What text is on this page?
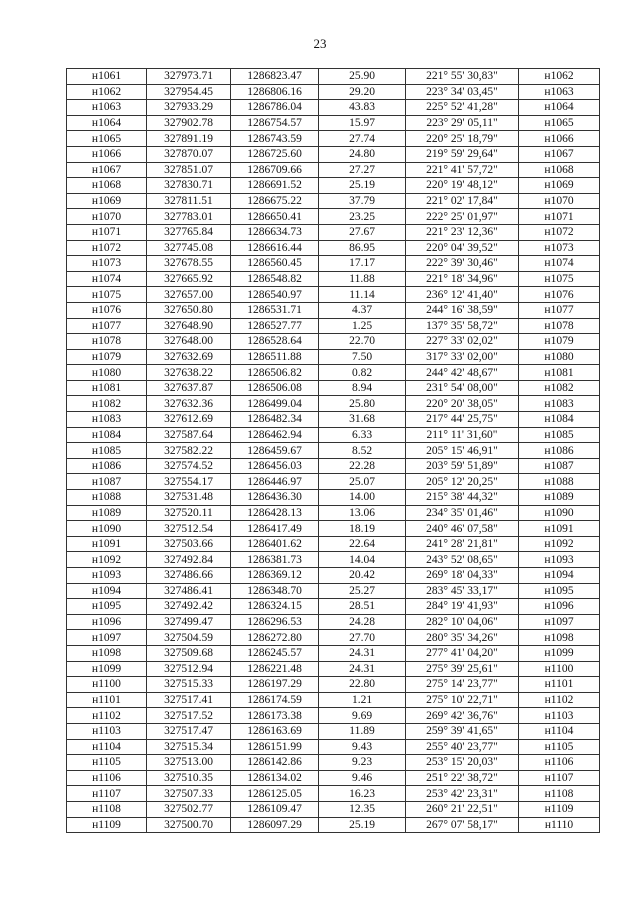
23
н1061	327973.71	1286823.47	25.90	221° 55' 30,83"	н1062
н1062	327954.45	1286806.16	29.20	223° 34' 03,45"	н1063
н1063	327933.29	1286786.04	43.83	225° 52' 41,28"	н1064
н1064	327902.78	1286754.57	15.97	223° 29' 05,11"	н1065
н1065	327891.19	1286743.59	27.74	220° 25' 18,79"	н1066
н1066	327870.07	1286725.60	24.80	219° 59' 29,64"	н1067
н1067	327851.07	1286709.66	27.27	221° 41' 57,72"	н1068
н1068	327830.71	1286691.52	25.19	220° 19' 48,12"	н1069
н1069	327811.51	1286675.22	37.79	221° 02' 17,84"	н1070
н1070	327783.01	1286650.41	23.25	222° 25' 01,97"	н1071
н1071	327765.84	1286634.73	27.67	221° 23' 12,36"	н1072
н1072	327745.08	1286616.44	86.95	220° 04' 39,52"	н1073
н1073	327678.55	1286560.45	17.17	222° 39' 30,46"	н1074
н1074	327665.92	1286548.82	11.88	221° 18' 34,96"	н1075
н1075	327657.00	1286540.97	11.14	236° 12' 41,40"	н1076
н1076	327650.80	1286531.71	4.37	244° 16' 38,59"	н1077
н1077	327648.90	1286527.77	1.25	137° 35' 58,72"	н1078
н1078	327648.00	1286528.64	22.70	227° 33' 02,02"	н1079
н1079	327632.69	1286511.88	7.50	317° 33' 02,00"	н1080
н1080	327638.22	1286506.82	0.82	244° 42' 48,67"	н1081
н1081	327637.87	1286506.08	8.94	231° 54' 08,00"	н1082
н1082	327632.36	1286499.04	25.80	220° 20' 38,05"	н1083
н1083	327612.69	1286482.34	31.68	217° 44' 25,75"	н1084
н1084	327587.64	1286462.94	6.33	211° 11' 31,60"	н1085
н1085	327582.22	1286459.67	8.52	205° 15' 46,91"	н1086
н1086	327574.52	1286456.03	22.28	203° 59' 51,89"	н1087
н1087	327554.17	1286446.97	25.07	205° 12' 20,25"	н1088
н1088	327531.48	1286436.30	14.00	215° 38' 44,32"	н1089
н1089	327520.11	1286428.13	13.06	234° 35' 01,46"	н1090
н1090	327512.54	1286417.49	18.19	240° 46' 07,58"	н1091
н1091	327503.66	1286401.62	22.64	241° 28' 21,81"	н1092
н1092	327492.84	1286381.73	14.04	243° 52' 08,65"	н1093
н1093	327486.66	1286369.12	20.42	269° 18' 04,33"	н1094
н1094	327486.41	1286348.70	25.27	283° 45' 33,17"	н1095
н1095	327492.42	1286324.15	28.51	284° 19' 41,93"	н1096
н1096	327499.47	1286296.53	24.28	282° 10' 04,06"	н1097
н1097	327504.59	1286272.80	27.70	280° 35' 34,26"	н1098
н1098	327509.68	1286245.57	24.31	277° 41' 04,20"	н1099
н1099	327512.94	1286221.48	24.31	275° 39' 25,61"	н1100
н1100	327515.33	1286197.29	22.80	275° 14' 23,77"	н1101
н1101	327517.41	1286174.59	1.21	275° 10' 22,71"	н1102
н1102	327517.52	1286173.38	9.69	269° 42' 36,76"	н1103
н1103	327517.47	1286163.69	11.89	259° 39' 41,65"	н1104
н1104	327515.34	1286151.99	9.43	255° 40' 23,77"	н1105
н1105	327513.00	1286142.86	9.23	253° 15' 20,03"	н1106
н1106	327510.35	1286134.02	9.46	251° 22' 38,72"	н1107
н1107	327507.33	1286125.05	16.23	253° 42' 23,31"	н1108
н1108	327502.77	1286109.47	12.35	260° 21' 22,51"	н1109
н1109	327500.70	1286097.29	25.19	267° 07' 58,17"	н1110
